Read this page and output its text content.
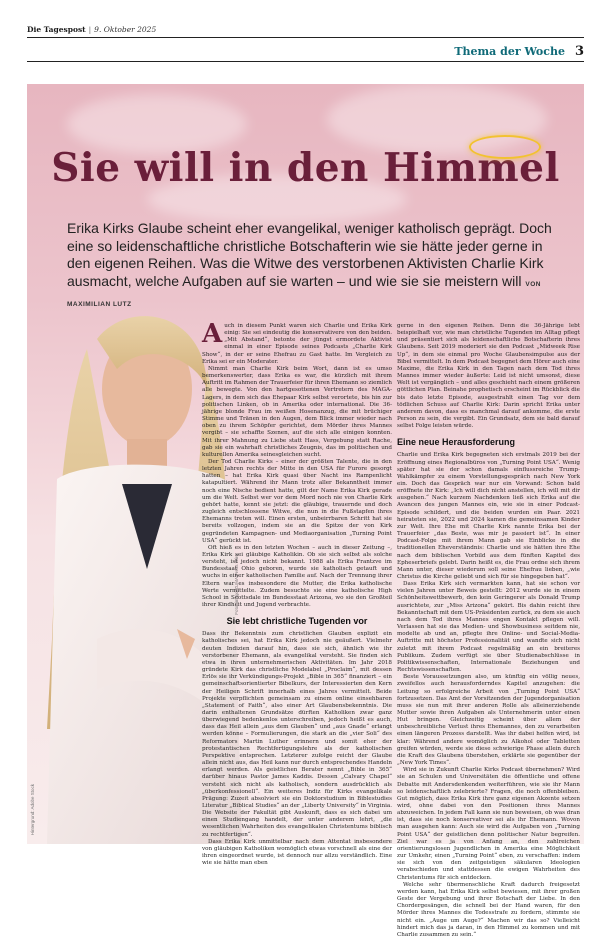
Die Tagespost | 9. Oktober 2025
Thema der Woche 3
Sie will in den Himmel
Erika Kirks Glaube scheint eher evangelikal, weniger katholisch geprägt. Doch eine so leidenschaftliche christliche Botschafterin wie sie hätte jeder gerne in den eigenen Reihen. Was die Witwe des verstorbenen Aktivisten Charlie Kirk ausmacht, welche Aufgaben auf sie warten – und wie sie sie meistern will VON MAXIMILIAN LUTZ
Foto: imago/ZUMA Press Wire
Hintergrund: Adobe Stock

Auch in diesem Punkt waren sich Charlie und Erika Kirk einig: Sie sei eindeutig die konservativere von den beiden. „Mit Abstand“, betonte der jüngst ermordete Aktivist einmal in einer Episode seines Podcasts „Charlie Kirk Show“, in der er seine Ehefrau zu Gast hatte. Im Vergleich zu Erika sei er ein Moderater.

Nimmt man Charlie Kirk beim Wort, dann ist es umso bemerkenswerter, dass Erika es war, die kürzlich mit ihrem Auftritt im Rahmen der Trauerfeier für ihren Ehemann so ziemlich alle bewegte. Von den hartgesottenen Vertretern des MAGA-Lagers, in dem sich das Ehepaar Kirk selbst verortete, bis hin zur politischen Linken, ob in Amerika oder international. Die 36-jährige blonde Frau im weißen Hosenanzug, die mit brüchiger Stimme und Tränen in den Augen, dem Blick immer wieder nach oben zu ihrem Schöpfer gerichtet, dem Mörder ihres Mannes vergibt – sie schaffte Szenen, auf die sich alle einigen konnten. Mit ihrer Mahnung zu Liebe statt Hass, Vergebung statt Rache, gab sie ein wahrhaft christliches Zeugnis, das im politischen und kulturellen Amerika seinesgleichen sucht.

Der Tod Charlie Kirks – einer der größten Talente, die in den letzten Jahren rechts der Mitte in den USA für Furore gesorgt hatten – hat Erika Kirk quasi über Nacht ins Rampenlicht katapultiert. Während ihr Mann trotz aller Bekanntheit immer noch eine Nische bedient hatte, gilt der Name Erika Kirk gerade um die Welt. Selbst wer vor dem Mord noch nie von Charlie Kirk gehört hatte, kennt sie jetzt: die gläubige, trauernde und doch zugleich entschlossene Witwe, die nun in die Fußstapfen ihres Ehemanns treten will. Einen ersten, unbeirrbaren Schritt hat sie bereits vollzogen, indem sie an die Spitze der von Kirk gegründeten Kampagnen- und Mediaorganisation „Turning Point USA“ gerückt ist.

Oft hieß es in den letzten Wochen – auch in dieser Zeitung –, Erika Kirk sei gläubige Katholikin. Ob sie sich selbst als solche versteht, ist jedoch nicht bekannt. 1988 als Erika Frantzve im Bundesstaat Ohio geboren, wurde sie katholisch getauft und wuchs in einer katholischen Familie auf. Nach der Trennung ihrer Eltern war es insbesondere die Mutter, die Erika katholische Werte vermittelte. Zudem besuchte sie eine katholische High School in Scottsdale im Bundesstaat Arizona, wo sie den Großteil ihrer Kindheit und Jugend verbrachte.

Sie lebt christliche Tugenden vor

Dass ihr Bekenntnis zum christlichen Glauben explizit ein katholisches sei, hat Erika Kirk jedoch nie geäußert. Vielmehr deuten Indizien darauf hin, dass sie sich, ähnlich wie ihr verstorbener Ehemann, als evangelikal versteht. Sie finden sich etwa in ihren unternehmerischen Aktivitäten. Im Jahr 2018 gründete Kirk das christliche Modelabel „Proclaim“, mit dessen Erlös sie ihr Verkündigungs-Projekt „Bible in 365“ finanziert – ein gemeinschaftsorientierter Bibelkurs, der Interessierten den Kern der Heiligen Schrift innerhalb eines Jahres vermittelt. Beide Projekte verpflichten gemeinsam zu einem online einsehbaren „Statement of Faith“, also einer Art Glaubensbekenntnis. Die darin enthaltenen Grundsätze dürften Katholiken zwar ganz überwiegend bedenkenlos unterschreiben, jedoch heißt es auch, dass das Heil allein „aus dem Glauben“ und „aus Gnade“ erlangt werden könne – Formulierungen, die stark an die „vier Soli“ des Reformators Martin Luther erinnern und somit eher der protestantischen Rechtfertigungslehre als der katholischen Perspektive entsprechen. Letzterer zufolge reicht der Glaube allein nicht aus, das Heil kann nur durch entsprechendes Handeln erlangt werden. Als geistlichen Berater nennt „Bible in 365“ darüber hinaus Pastor James Kaddis. Dessen „Calvary Chapel“ versteht sich nicht als katholisch, sondern ausdrücklich als „überkonfessionell“. Ein weiteres Indiz für Kirks evangelikale Prägung: Zuzeit absolviert sie ein Doktorstudium in Biblestudies Literatur „Biblical Studies“ an der „Liberty University“ in Virginia. Die Website der Fakultät gibt Auskunft, dass es sich dabei um einen Studiengang handelt, der unter anderem lehrt, „die wesentlichen Wahrheiten des evangelikalen Christentums biblisch zu rechtfertigen“.

Dass Erika Kirk unmittelbar nach dem Attentat insbesondere von gläubigen Katholiken womöglich etwas vorschnell als eine der ihren eingeordnet wurde, ist dennoch nur allzu verständlich. Eine wie sie hätte man eben

gerne in den eigenen Reihen. Denn die 36-Jährige lebt beispielhaft vor, wie man christliche Tugenden im Alltag pflegt und präsentiert sich als leidenschaftliche Botschafterin ihres Glaubens. Seit 2019 moderiert sie den Podcast „Midweek Rise Up“, in dem sie einmal pro Woche Glaubensimpulse aus der Bibel vermittelt. In dem Podcast begegnet dem Hörer auch eine Maxime, die Erika Kirk in den Tagen nach dem Tod ihres Mannes immer wieder äußerte: Leid ist nicht umsonst, diese Welt ist vergänglich – und alles geschieht nach einem größeren göttlichen Plan. Beinahe prophetisch erscheint im Rückblick die bis dato letzte Episode, ausgestrahlt einen Tag vor dem tödlichen Schuss auf Charlie Kirk: Darin spricht Erika unter anderem davon, dass es manchmal darauf ankomme, die erste Person zu sein, die vergibt. Ein Grundsatz, dem sie bald darauf selbst Folge leisten würde.

Eine neue Herausforderung

Charlie und Erika Kirk begegneten sich erstmals 2019 bei der Eröffnung eines Regionalbüros von „Turning Point USA“. Wenig später hat sie der schon damals einflussreiche Trump-Wahlkämpfer zu einem Vorstellungsgespräch nach New York ein. Doch das Gespräch war nur ein Vorwand: Schon bald eröffnete ihr Kirk: „Ich will dich nicht anstellen, ich will mit dir ausgehen.“ Nach kurzem Nachdenken ließ sich Erika auf die Avancen des jungen Mannes ein, wie sie in einer Podcast-Episode schildert, und die beiden wurden ein Paar. 2021 heirateten sie, 2022 und 2024 kamen die gemeinsamen Kinder zur Welt. Ihre Ehe mit Charlie Kirk nannte Erika bei der Trauerfeier „das Beste, was mir je passiert ist“. In einer Podcast-Folge mit ihrem Mann gab sie Einblicke in die traditionellen Eheverständnis: Charlie und sie hätten ihre Ehe nach dem biblischen Vorbild aus dem fünften Kapitel des Epheserbriefs gelebt. Darin heißt es, die Frau ordne sich ihrem Mann unter, dieser wiederum soll seine Ehefrau lieben, „wie Christus die Kirche geliebt und sich für sie hingegeben hat“.

Dass Erika Kirk sich vermarkten kann, hat sie schon vor vielen Jahren unter Beweis gestellt: 2012 wurde sie in einem Schönheitswettbewerb, den kein Geringerer als Donald Trump ausrichtete, zur „Miss Arizona“ gekürt. Bis dahin reicht ihre Bekanntschaft mit dem US-Präsidenten zurück, zu dem sie auch nach dem Tod ihres Mannes engen Kontakt pflegen will. Verlassen hat sie das Medien- und Showbusiness seitdem nie, modelte ab und an, pflegte ihre Online- und Social-Media-Auftritte mit höchster Professionalität und wandte sich nicht zuletzt mit ihrem Podcast regelmäßig an ein breiteres Publikum. Zudem verfügt sie über Studienabschlüsse in Politikwissenschaften, Internationale Beziehungen und Rechtswissenschaften.

Beste Voraussetzungen also, um künftig ein völlig neues, zweifellos auch herausforderndes Kapitel anzugehen: die Leitung so erfolgreiche Arbeit von „Turning Point USA“ fortzusetzen. Das Amt der Vorsitzenden der Jugendorganisation muss sie nun mit ihrer anderen Rolle als alleinerziehende Mutter sowie ihren Aufgaben als Unternehmerin unter einen Hut bringen. Gleichzeitig scheint über allem der unbeschreibliche Verlust ihres Ehemannes, den zu verarbeiten einen längeren Prozess darstellt. Was ihr dabei helfen wird, ist klar: Während andere womöglich zu Alkohol oder Tabletten greifen würden, werde sie diese schwierige Phase allein durch die Kraft des Glaubens überstehen, erklärte sie gegenüber der „New York Times“.

Wird sie in Zukunft Charlie Kirks Podcast übernehmen? Wird sie an Schulen und Universitäten die öffentliche und offene Debatte mit Andersdenkenden weiterführen, wie sie ihr Mann so leidenschaftlich zelebrierte? Fragen, die noch offenbleiben. Gut möglich, dass Erika Kirk ihre ganz eigenen Akzente setzen wird, ohne dabei von den Positionen ihres Mannes abzuweichen. In jedem Fall kann sie nun beweisen, ob was dran ist, dass sie noch konservativer sei als ihr Ehemann. Wovon man ausgehen kann: Auch sie wird die Aufgaben von „Turning Point USA“ der geistlichen denn politischer Natur begreifen. Ziel war es ja von Anfang an, den zahlreichen orientierungslosen Jugendlichen in Amerika eine Möglichkeit zur Umkehr, einen „Turning Point“ eben, zu verschaffen: indem sie sich von den zeitgeistigen säkularen Ideologien verabschieden und stattdessen die ewigen Wahrheiten des Christentums für sich entdecken.

Welche sehr übermenschliche Kraft dadurch freigesetzt werden kann, hat Erika Kirk selbst bewiesen, mit ihrer großen Geste der Vergebung und ihrer Botschaft der Liebe. In den Chordergesängen, die schnell bei der Hand waren, für den Mörder ihres Mannes die Todesstrafe zu fordern, stimmte sie nicht ein. „Auge um Auge?“ Machen wir das so? Vielleicht hindert mich das ja daran, in den Himmel zu kommen und mit Charlie zusammen zu sein.“
